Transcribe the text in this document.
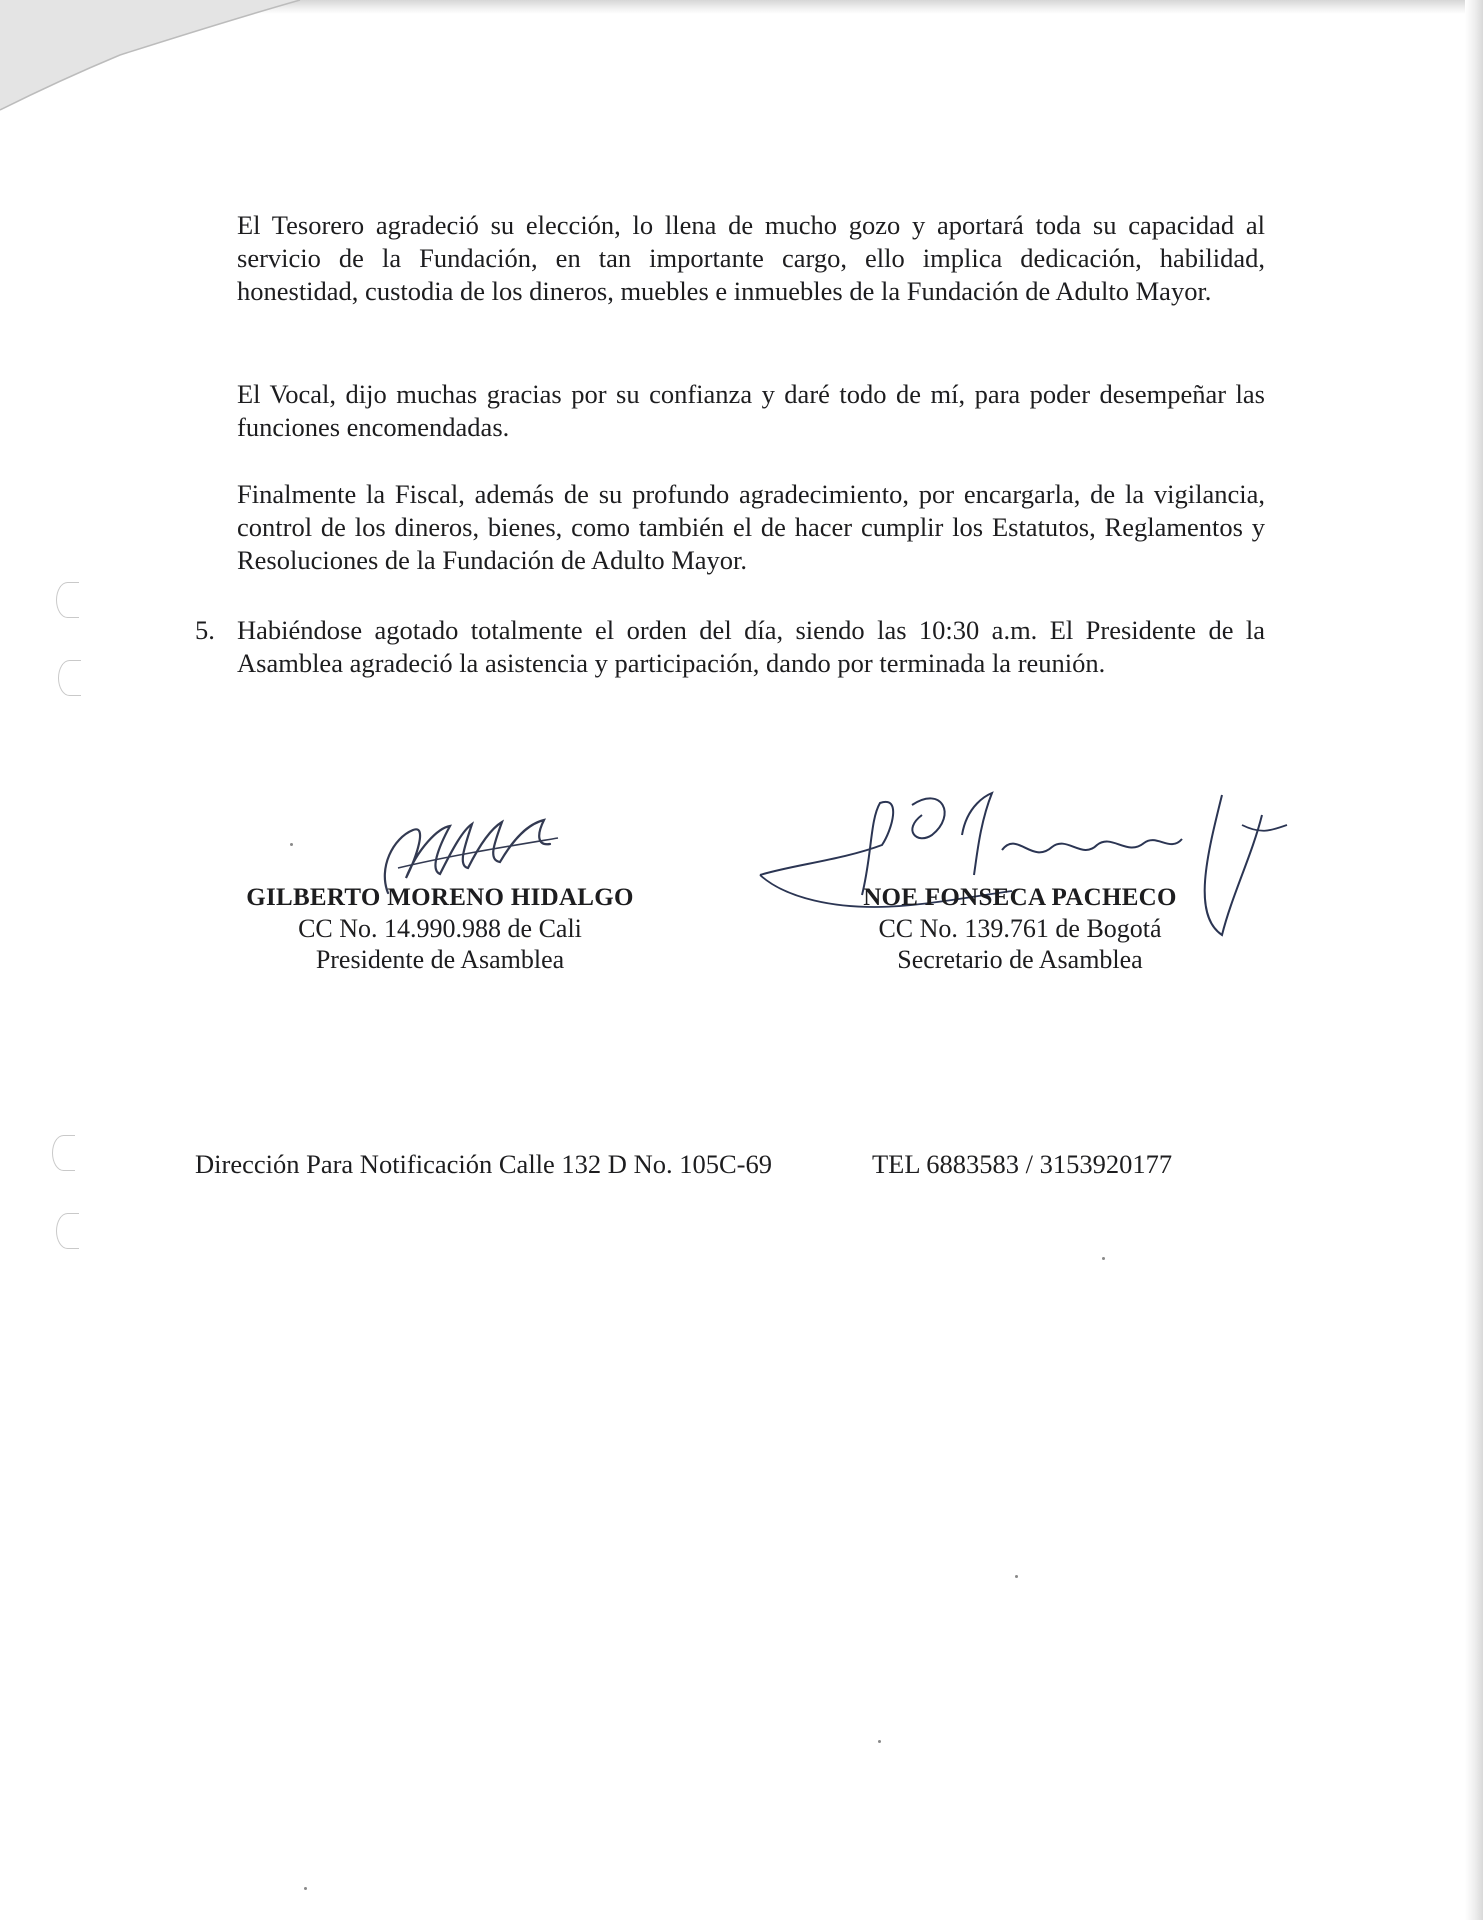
El Tesorero agradeció su elección, lo llena de mucho gozo y aportará toda su capacidad al servicio de la Fundación, en tan importante cargo, ello implica dedicación, habilidad, honestidad, custodia de los dineros, muebles e inmuebles de la Fundación de Adulto Mayor.

El Vocal, dijo muchas gracias por su confianza y daré todo de mí, para poder desempeñar las funciones encomendadas.

Finalmente la Fiscal, además de su profundo agradecimiento, por encargarla, de la vigilancia, control de los dineros, bienes, como también el de hacer cumplir los Estatutos, Reglamentos y Resoluciones de la Fundación de Adulto Mayor.

5. Habiéndose agotado totalmente el orden del día, siendo las 10:30 a.m. El Presidente de la Asamblea agradeció la asistencia y participación, dando por terminada la reunión.

GILBERTO MORENO HIDALGO
CC No. 14.990.988 de Cali
Presidente de Asamblea
NOE FONSECA PACHECO
CC No. 139.761 de Bogotá
Secretario de Asamblea
Dirección Para Notificación Calle 132 D No. 105C-69	TEL 6883583 / 3153920177
